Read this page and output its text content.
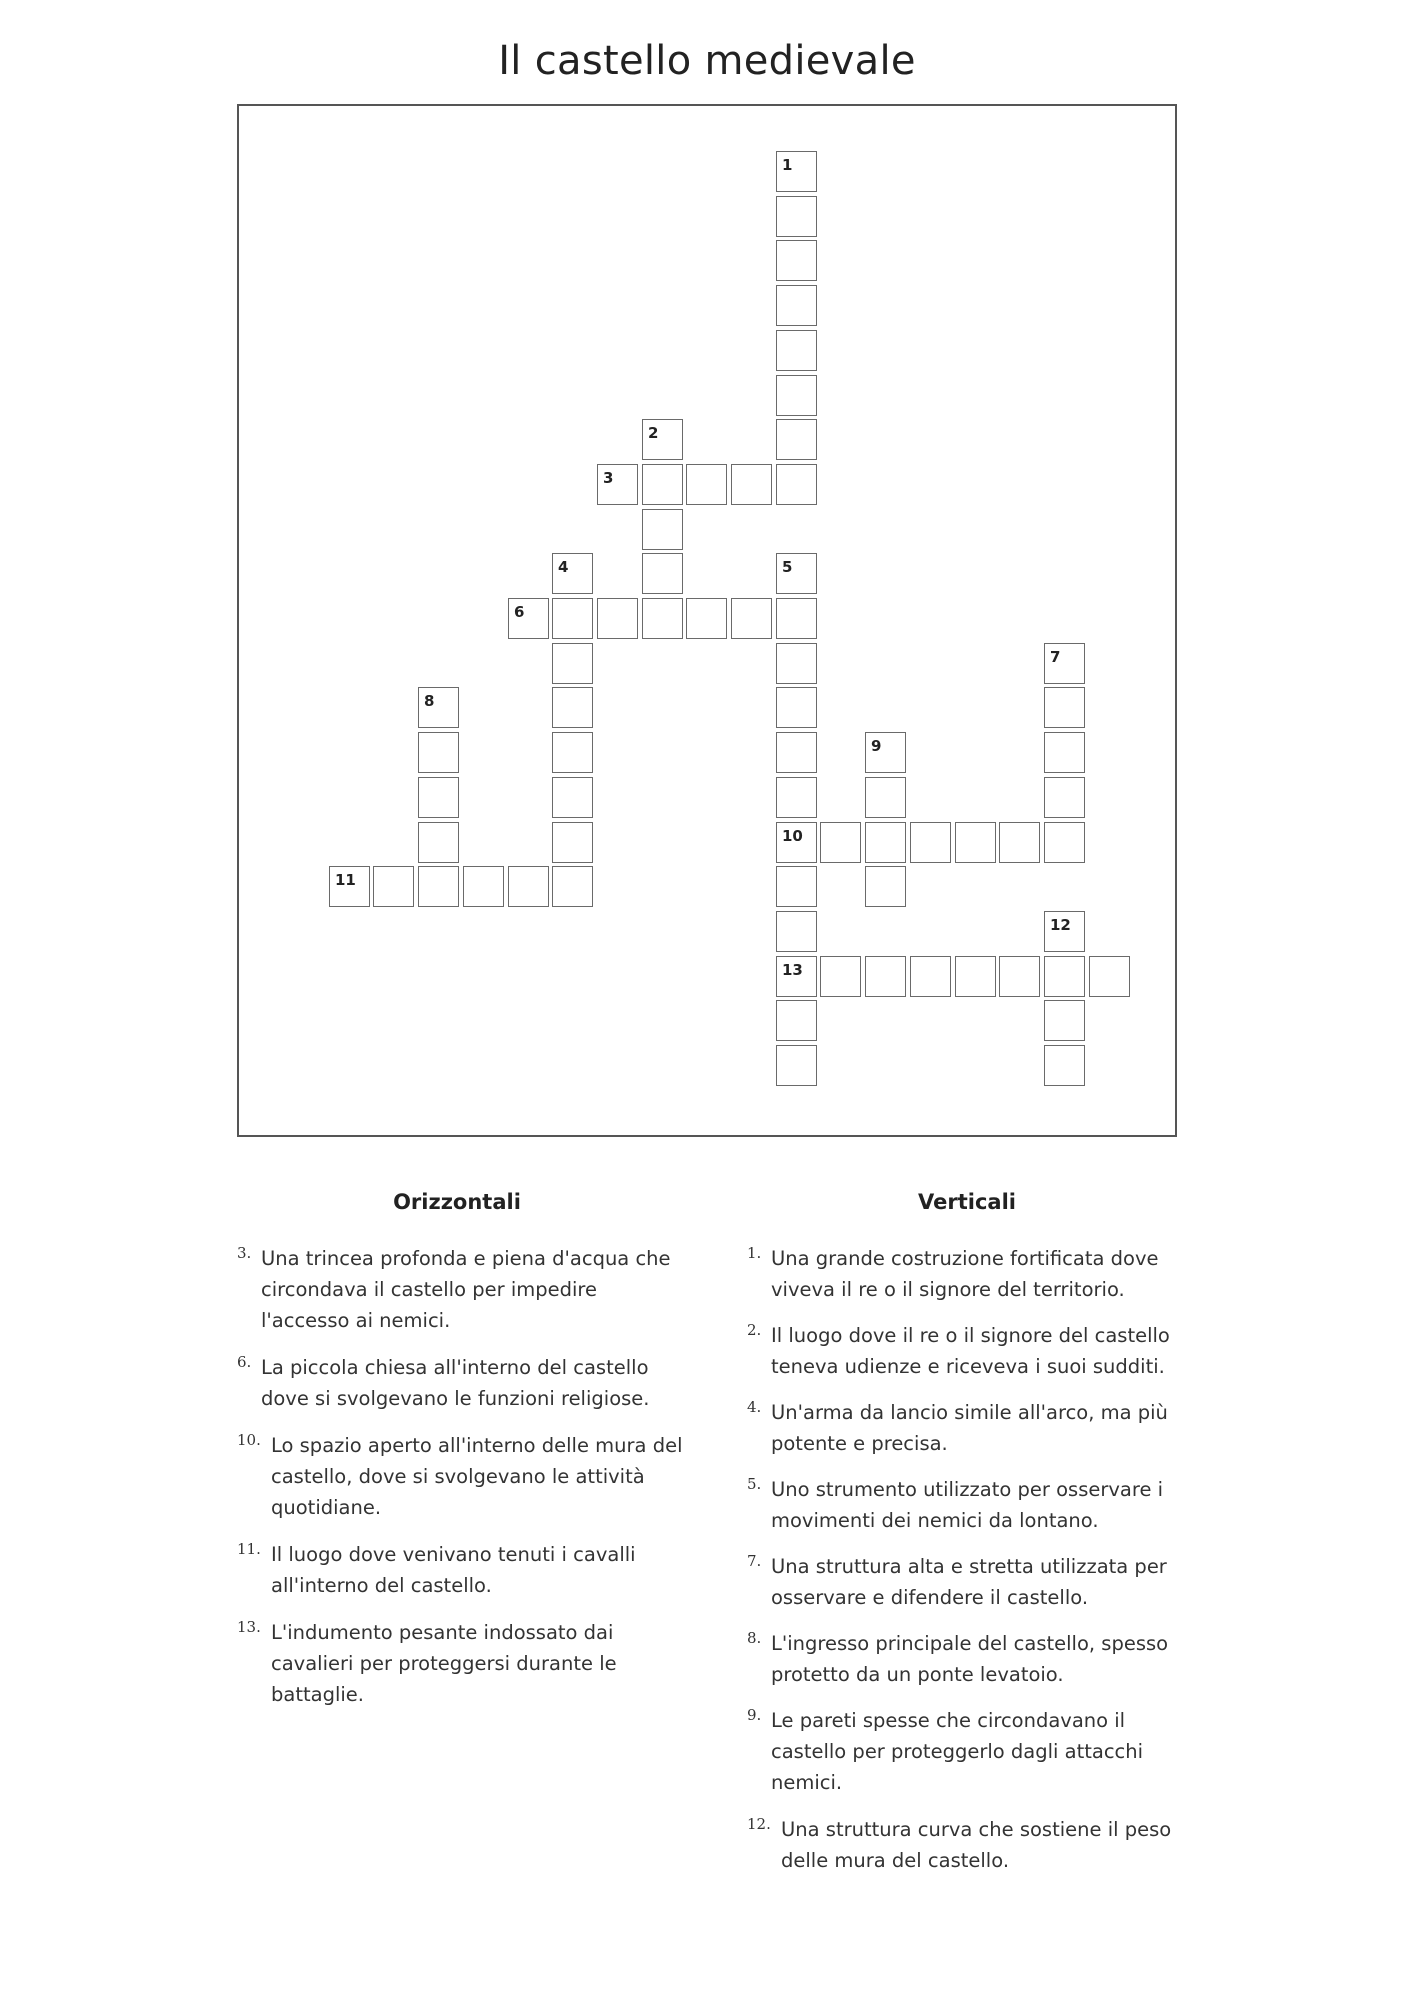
Il castello medievale
1
2
3
4	5
6
7
8
9
10
11
12
13
Orizzontali
3. Una trincea profonda e piena d'acqua che circondava il castello per impedire l'accesso ai nemici.
6. La piccola chiesa all'interno del castello dove si svolgevano le funzioni religiose.
10. Lo spazio aperto all'interno delle mura del castello, dove si svolgevano le attività quotidiane.
11. Il luogo dove venivano tenuti i cavalli all'interno del castello.
13. L'indumento pesante indossato dai cavalieri per proteggersi durante le battaglie.
Verticali
1. Una grande costruzione fortificata dove viveva il re o il signore del territorio.
2. Il luogo dove il re o il signore del castello teneva udienze e riceveva i suoi sudditi.
4. Un'arma da lancio simile all'arco, ma più potente e precisa.
5. Uno strumento utilizzato per osservare i movimenti dei nemici da lontano.
7. Una struttura alta e stretta utilizzata per osservare e difendere il castello.
8. L'ingresso principale del castello, spesso protetto da un ponte levatoio.
9. Le pareti spesse che circondavano il castello per proteggerlo dagli attacchi nemici.
12. Una struttura curva che sostiene il peso delle mura del castello.
